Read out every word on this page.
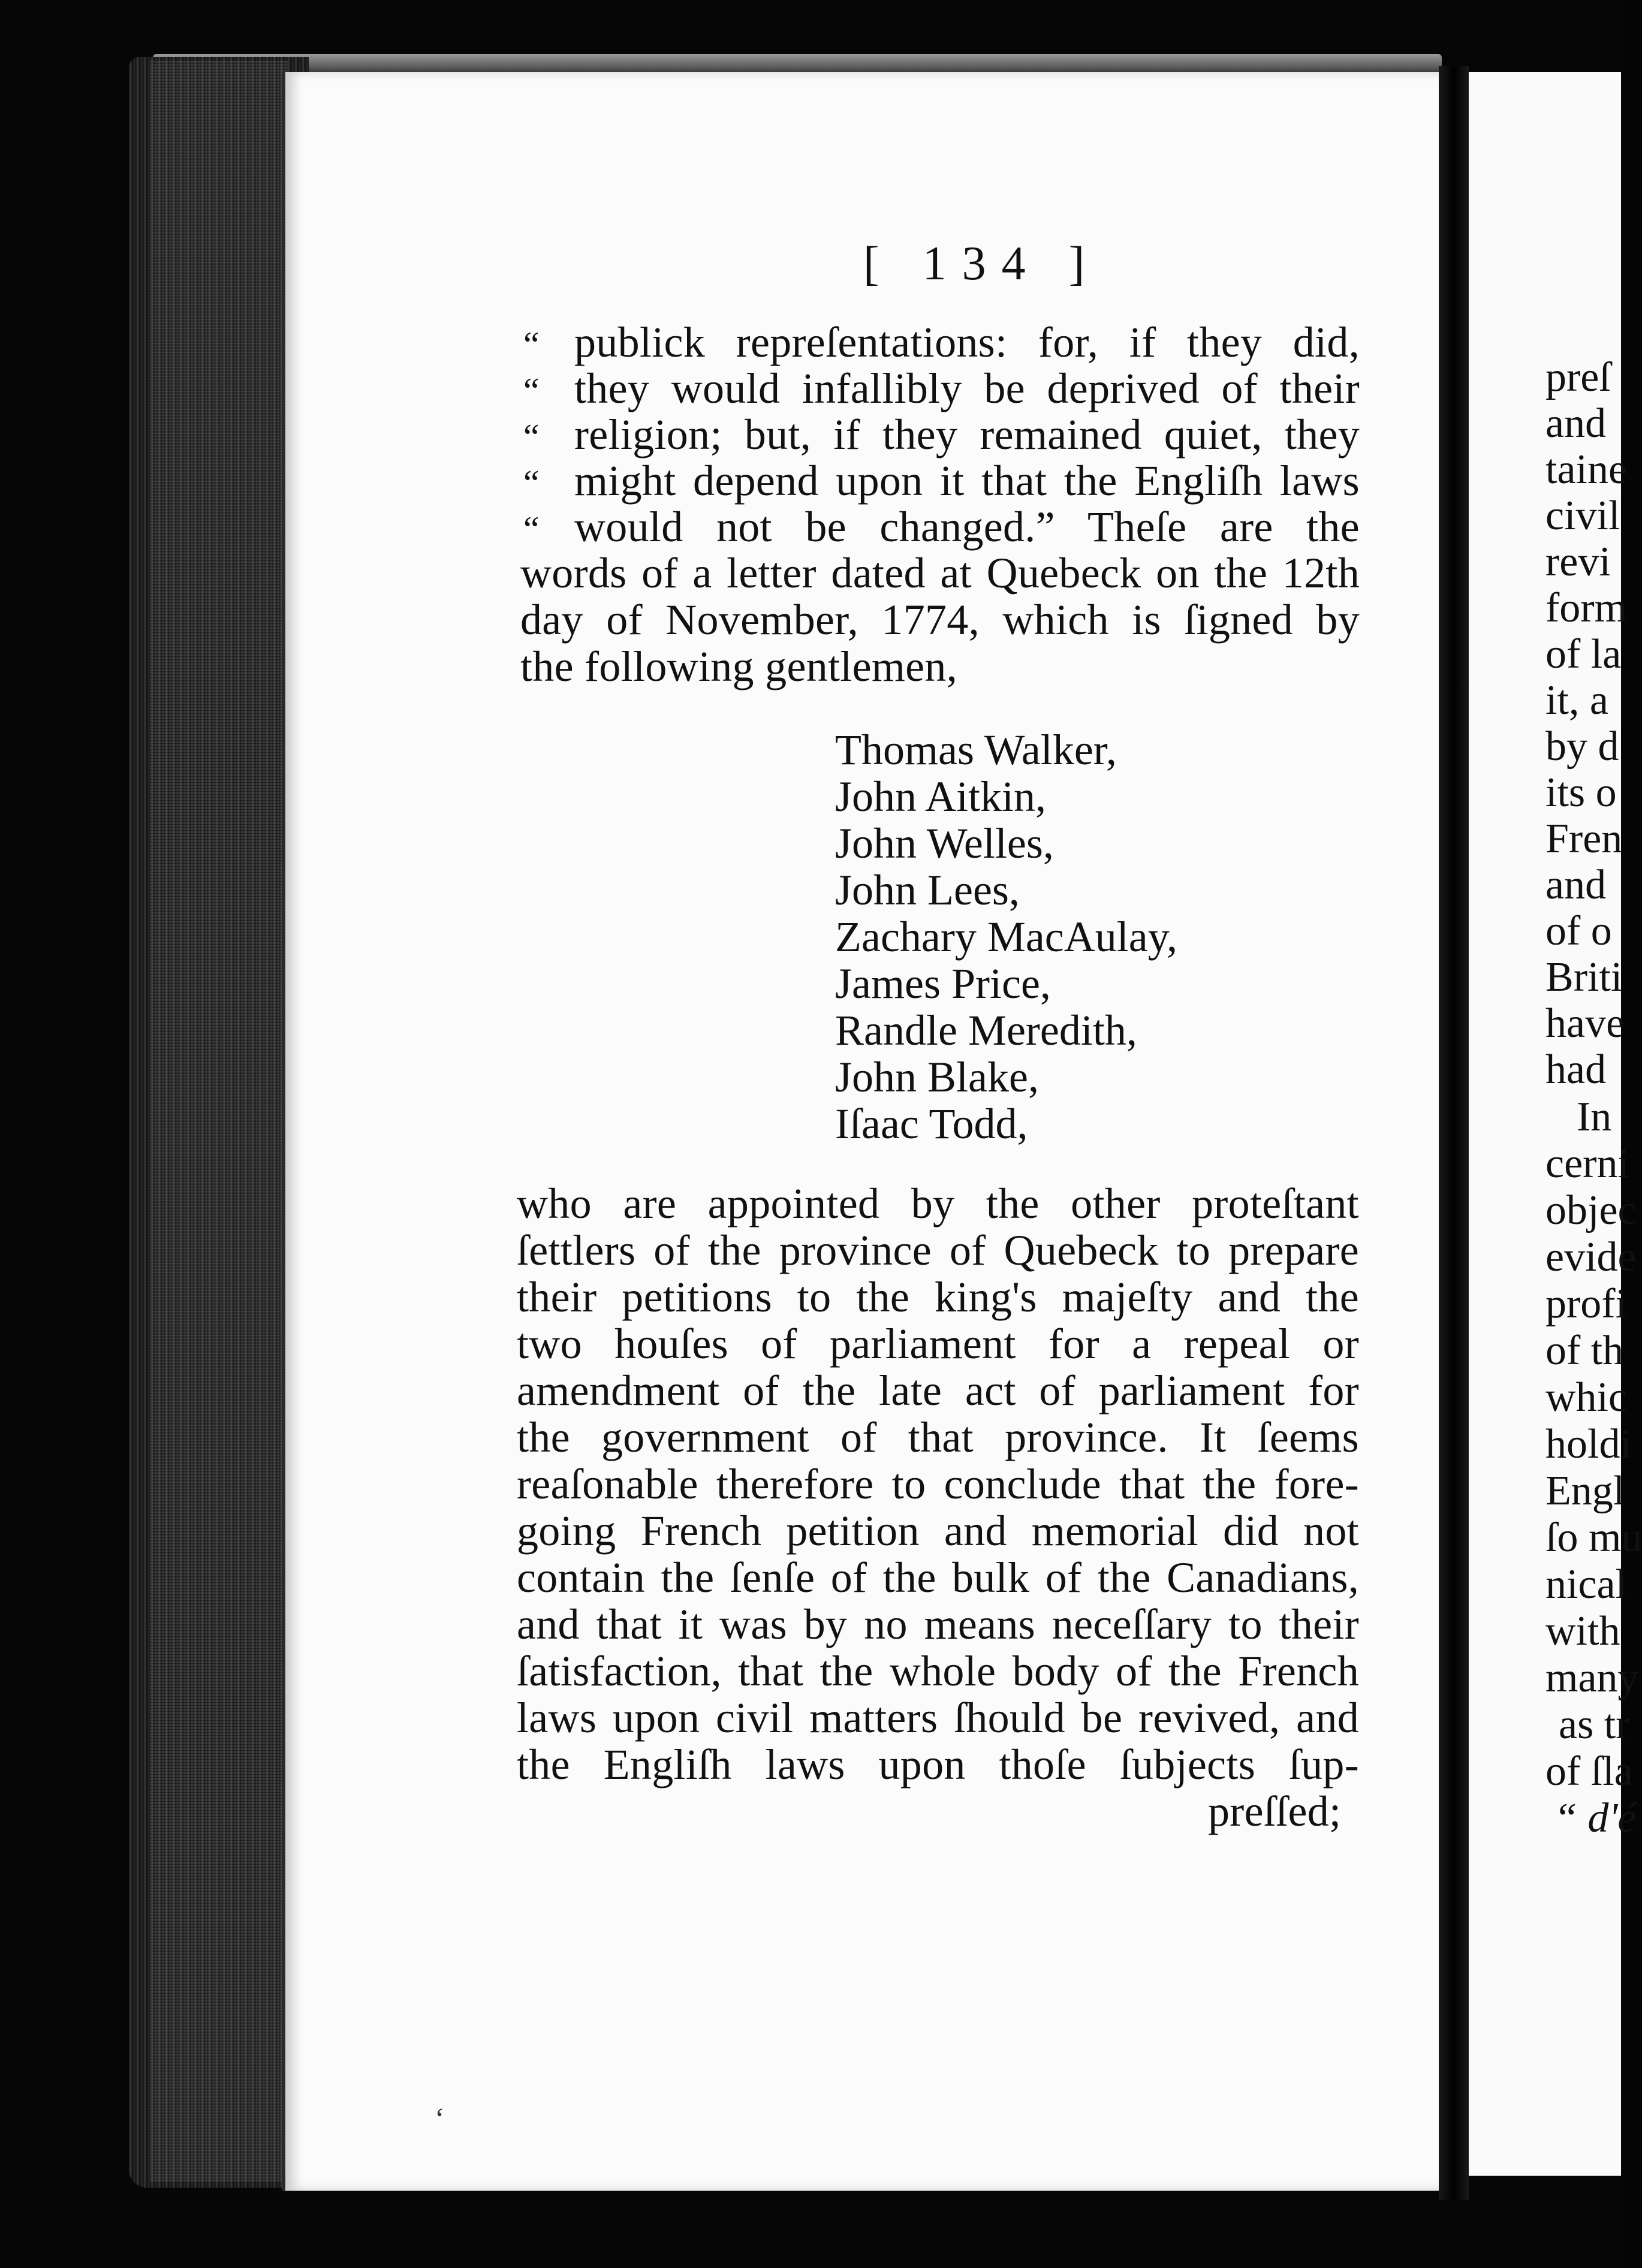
[ 134 ]
“ publick repreſentations: for, if they did,
“ they would infallibly be deprived of their
“ religion; but, if they remained quiet, they
“ might depend upon it that the Engliſh laws
“ would not be changed.” Theſe are the
words of a letter dated at Quebeck on the 12th
day of November, 1774, which is ſigned by
the following gentlemen,
Thomas Walker,
John Aitkin,
John Welles,
John Lees,
Zachary MacAulay,
James Price,
Randle Meredith,
John Blake,
Iſaac Todd,
who are appointed by the other proteſtant
ſettlers of the province of Quebeck to prepare
their petitions to the king's majeſty and the
two houſes of parliament for a repeal or
amendment of the late act of parliament for
the government of that province. It ſeems
reaſonable therefore to conclude that the fore-
going French petition and memorial did not
contain the ſenſe of the bulk of the Canadians,
and that it was by no means neceſſary to their
ſatisfaction, that the whole body of the French
laws upon civil matters ſhould be revived, and
the Engliſh laws upon thoſe ſubjects ſup-
preſſed;
‘
preſ
and
taine
civil
revi
form
of la
it, a
by d
its o
Fren
and
of o
Briti
have
had
In
cerni
objec
evide
profi
of th
whic
holdi
Engl
ſo mu
nical
with
many
as tr
of ſla
“ d'é
